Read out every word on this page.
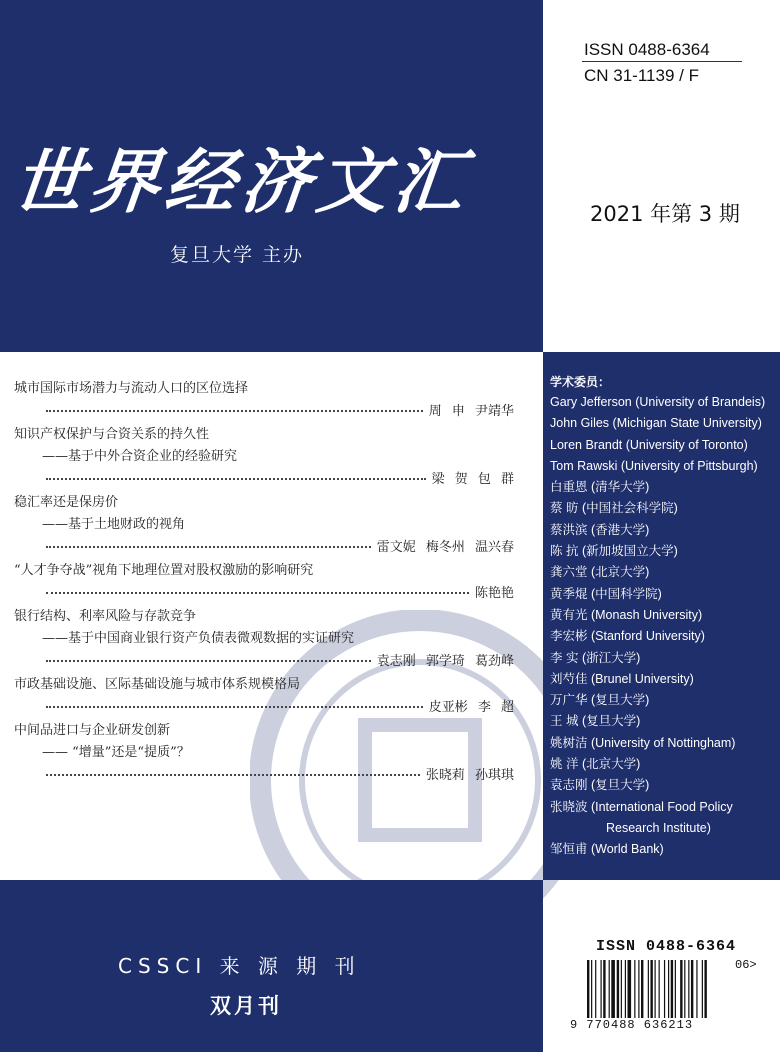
ISSN 0488-6364
CN 31-1139 / F
世界经济文汇
复旦大学 主办
2021 年第 3 期
城市国际市场潜力与流动人口的区位选择
周 申 尹靖华
知识产权保护与合资关系的持久性
——基于中外合资企业的经验研究
梁 贺 包 群
稳汇率还是保房价
——基于土地财政的视角
雷文妮 梅冬州 温兴春
“人才争夺战”视角下地理位置对股权激励的影响研究
陈艳艳
银行结构、利率风险与存款竞争
——基于中国商业银行资产负债表微观数据的实证研究
袁志刚 郭学琦 葛劲峰
市政基础设施、区际基础设施与城市体系规模格局
皮亚彬 李 超
中间品进口与企业研发创新
—— “增量”还是“提质”？
张晓莉 孙琪琪
学术委员：
Gary Jefferson (University of Brandeis)
John Giles (Michigan State University)
Loren Brandt (University of Toronto)
Tom Rawski (University of Pittsburgh)
白重恩 (清华大学)
蔡 昉 (中国社会科学院)
蔡洪滨 (香港大学)
陈 抗 (新加坡国立大学)
龚六堂 (北京大学)
黄季焜 (中国科学院)
黄有光 (Monash University)
李宏彬 (Stanford University)
李 实 (浙江大学)
刘芍佳 (Brunel University)
万广华 (复旦大学)
王 城 (复旦大学)
姚树洁 (University of Nottingham)
姚 洋 (北京大学)
袁志刚 (复旦大学)
张晓波 (International Food Policy
Research Institute)
邹恒甫 (World Bank)
CSSCI 来 源 期 刊
双月刊
ISSN 0488-6364
06>
9 770488 636213
